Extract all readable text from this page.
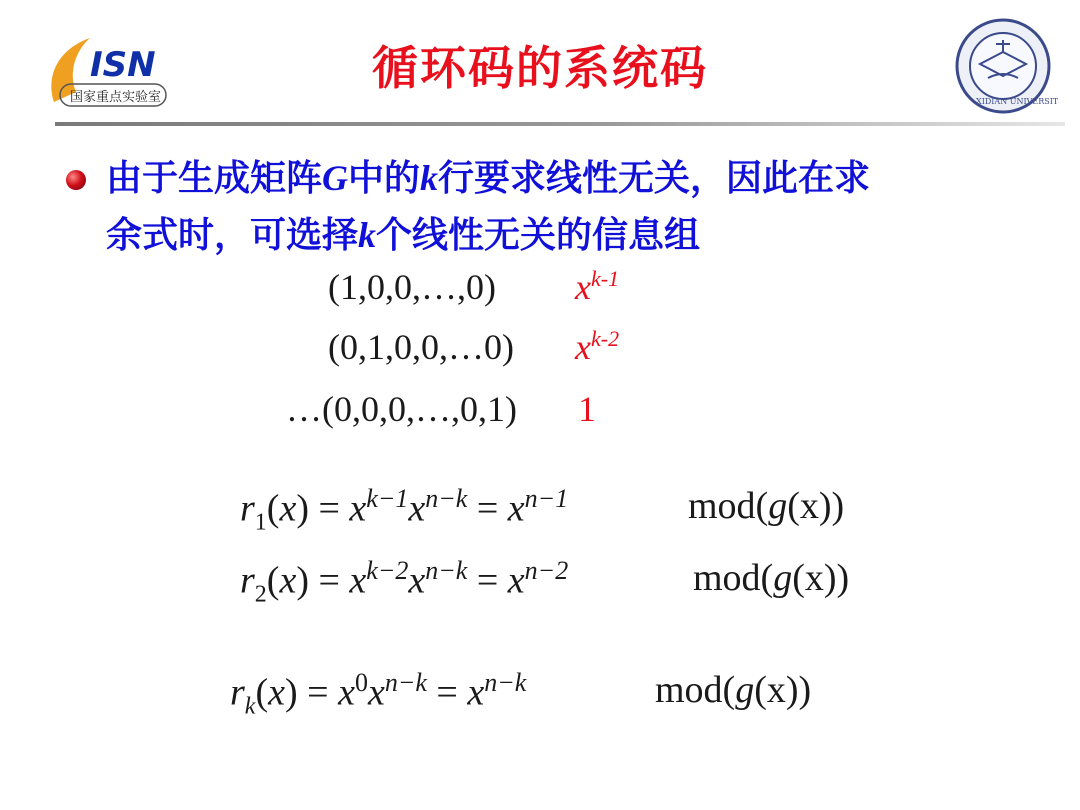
ISN
国家重点实验室
循环码的系统码
XIDIAN UNIVERSITY
由于生成矩阵G中的k行要求线性无关，因此在求
余式时，可选择k个线性无关的信息组
(1,0,0,…,0) $x^{k-1}$
(0,1,0,0,…0) $x^{k-2}$
…(0,0,0,…,0,1) 1
$r_1(x) = x^{k-1}x^{n-k} = x^{n-1}$	mod(g(x))
$r_2(x) = x^{k-2}x^{n-k} = x^{n-2}$	mod(g(x))
$r_k(x) = x^0x^{n-k} = x^{n-k}$	mod(g(x))
